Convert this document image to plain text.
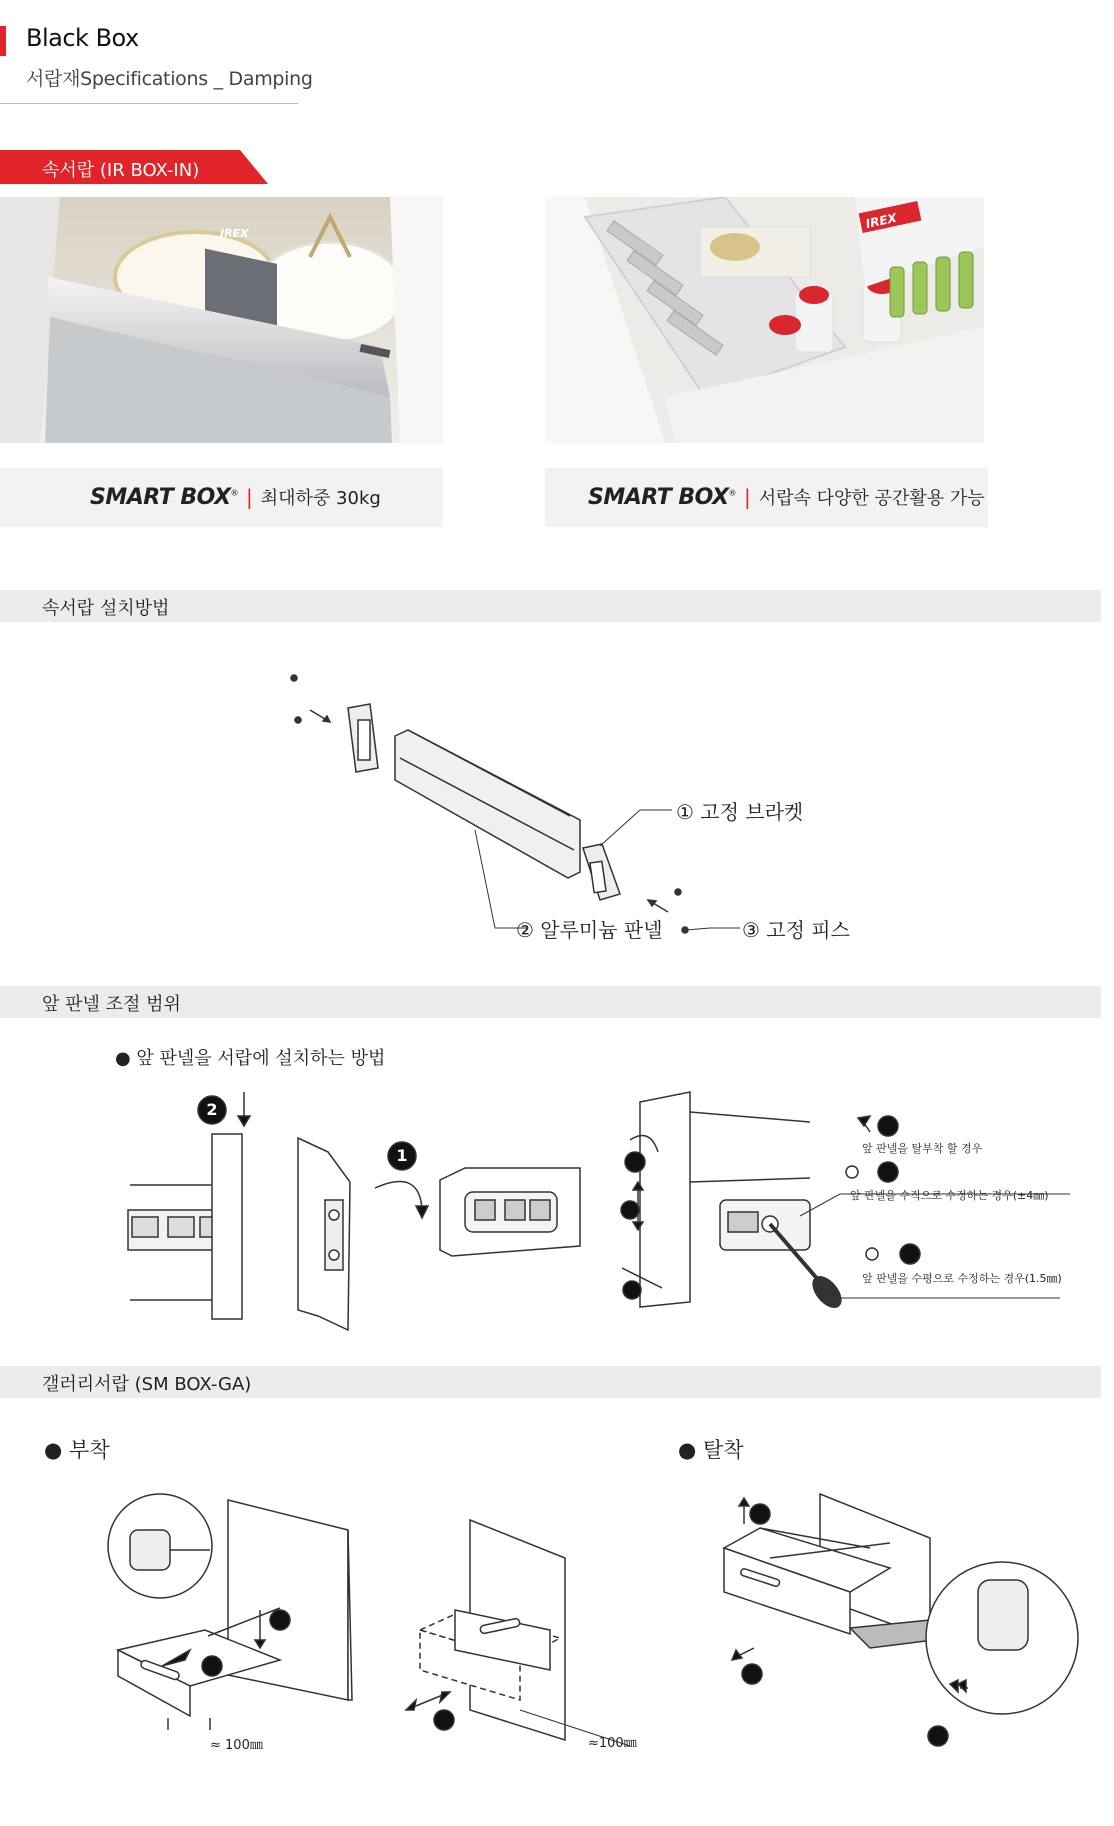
Black Box
서랍재Specifications _ Damping
속서랍 (IR BOX-IN)
IREX
IREX
SMART BOX® | 최대하중 30kg	SMART BOX® | 서랍속 다양한 공간활용 가능
속서랍 설치방법
① 고정 브라켓
② 알루미늄 판넬	③ 고정 피스
앞 판넬 조절 범위
● 앞 판넬을 서랍에 설치하는 방법
2
1	앞 판넬을 탈부착 할 경우
앞 판넬을 수직으로 수정하는 경우(±4㎜)
앞 판넬을 수평으로 수정하는 경우(1.5㎜)
갤러리서랍 (SM BOX-GA)
● 부착	● 탈착
≈ 100㎜	≈100㎜
